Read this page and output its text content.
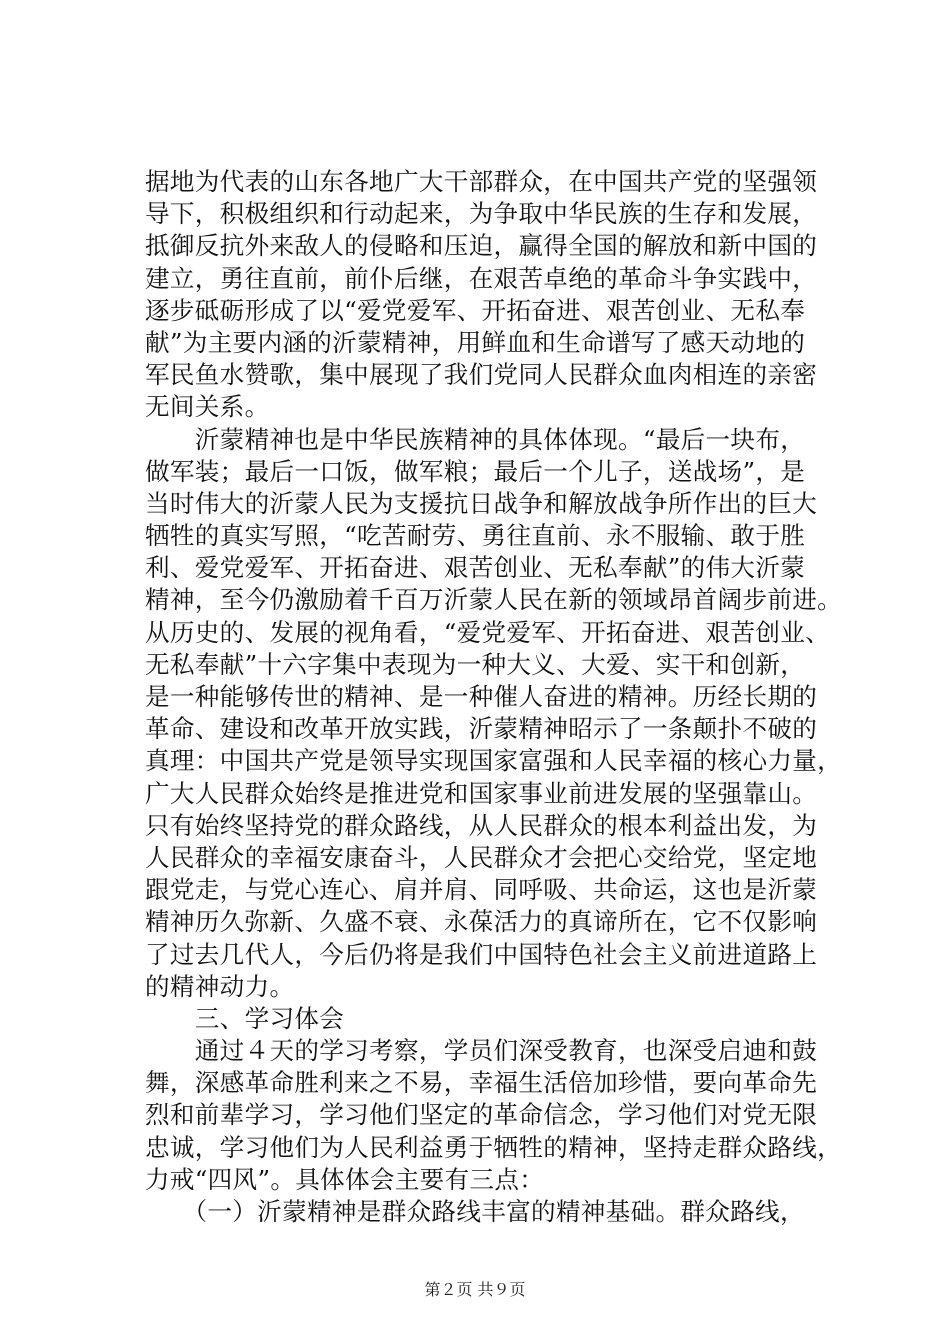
据地为代表的山东各地广大干部群众，在中国共产党的坚强领
导下，积极组织和行动起来，为争取中华民族的生存和发展，
抵御反抗外来敌人的侵略和压迫，赢得全国的解放和新中国的
建立，勇往直前，前仆后继，在艰苦卓绝的革命斗争实践中，
逐步砥砺形成了以“爱党爱军、开拓奋进、艰苦创业、无私奉
献”为主要内涵的沂蒙精神，用鲜血和生命谱写了感天动地的
军民鱼水赞歌，集中展现了我们党同人民群众血肉相连的亲密
无间关系。
　　沂蒙精神也是中华民族精神的具体体现。“最后一块布，
做军装；最后一口饭，做军粮；最后一个儿子，送战场”，是
当时伟大的沂蒙人民为支援抗日战争和解放战争所作出的巨大
牺牲的真实写照，“吃苦耐劳、勇往直前、永不服输、敢于胜
利、爱党爱军、开拓奋进、艰苦创业、无私奉献”的伟大沂蒙
精神，至今仍激励着千百万沂蒙人民在新的领域昂首阔步前进。
从历史的、发展的视角看，“爱党爱军、开拓奋进、艰苦创业、
无私奉献”十六字集中表现为一种大义、大爱、实干和创新，
是一种能够传世的精神、是一种催人奋进的精神。历经长期的
革命、建设和改革开放实践，沂蒙精神昭示了一条颠扑不破的
真理：中国共产党是领导实现国家富强和人民幸福的核心力量，
广大人民群众始终是推进党和国家事业前进发展的坚强靠山。
只有始终坚持党的群众路线，从人民群众的根本利益出发，为
人民群众的幸福安康奋斗，人民群众才会把心交给党，坚定地
跟党走，与党心连心、肩并肩、同呼吸、共命运，这也是沂蒙
精神历久弥新、久盛不衰、永葆活力的真谛所在，它不仅影响
了过去几代人，今后仍将是我们中国特色社会主义前进道路上
的精神动力。
　　三、学习体会
　　通过４天的学习考察，学员们深受教育，也深受启迪和鼓
舞，深感革命胜利来之不易，幸福生活倍加珍惜，要向革命先
烈和前辈学习，学习他们坚定的革命信念，学习他们对党无限
忠诚，学习他们为人民利益勇于牺牲的精神，坚持走群众路线，
力戒“四风”。具体体会主要有三点：
　　（一）沂蒙精神是群众路线丰富的精神基础。群众路线，
第２页 共９页
